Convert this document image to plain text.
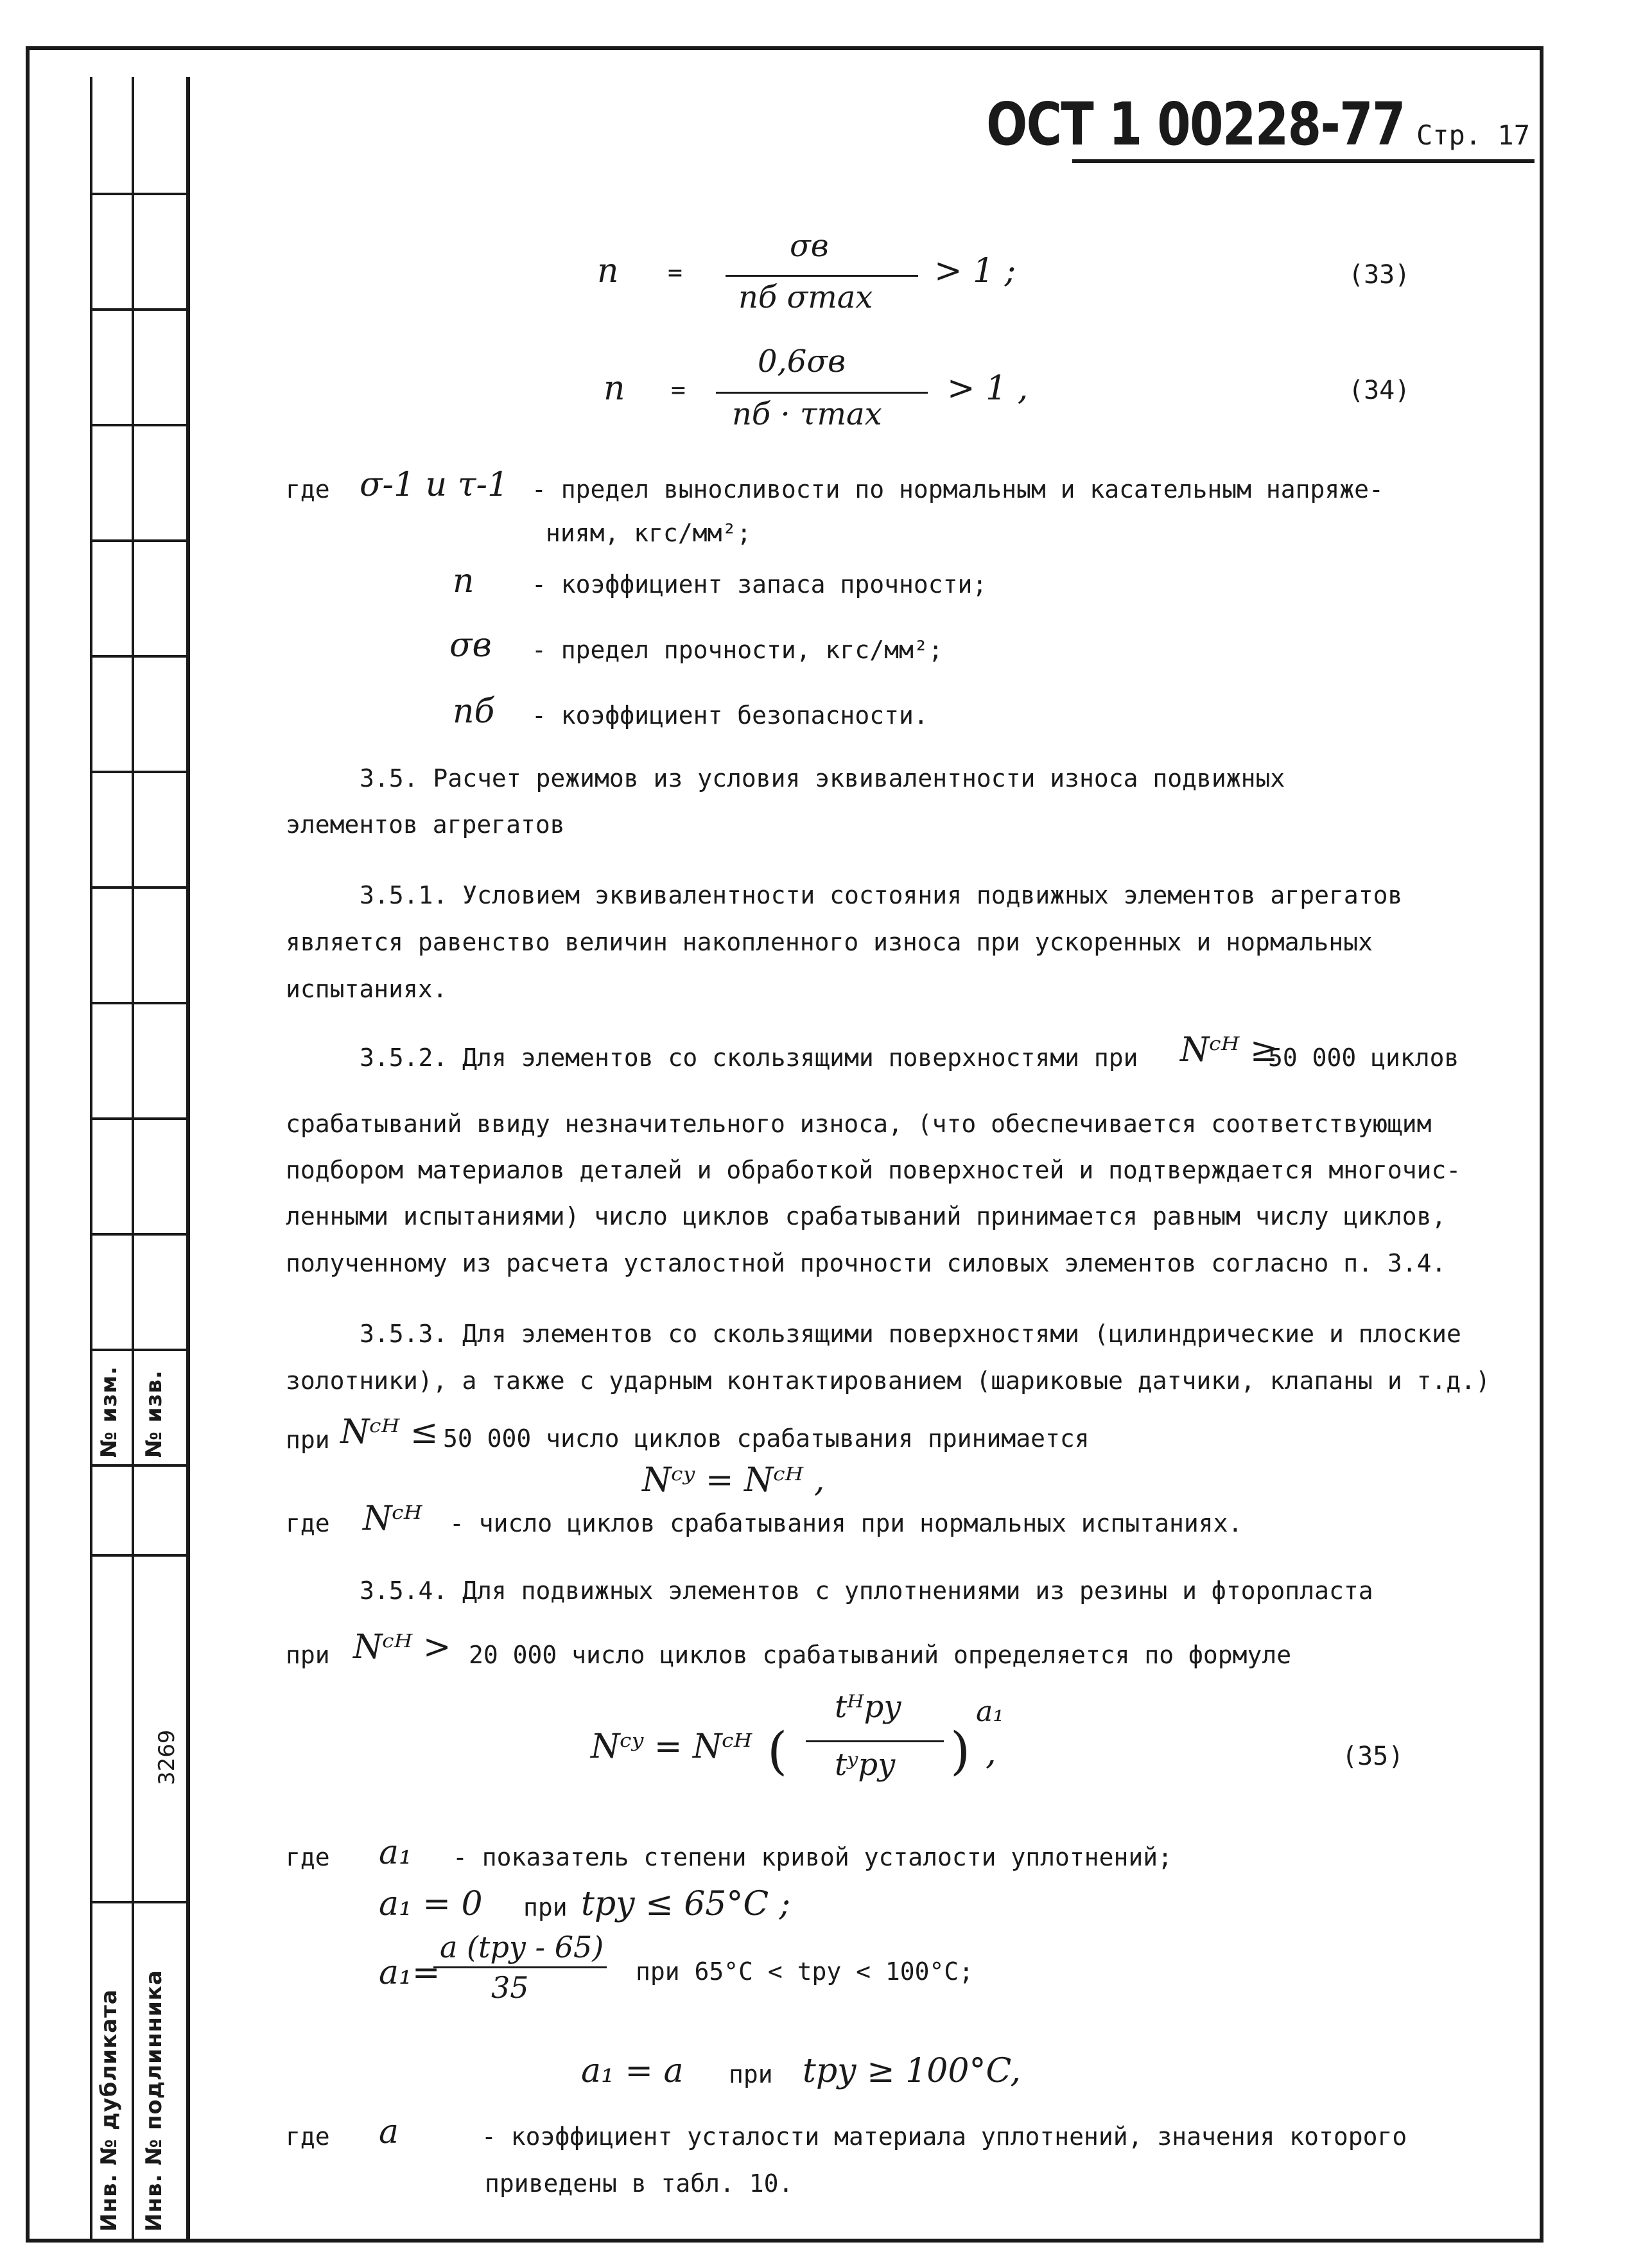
№ изм. № изв.
3269
Инв. № дубликата Инв. № подлинника
ОСТ 1 00228-77 Стр. 17
n =
σв
nб σmax
> 1 ;	(33)
n =
0,6σв
nб · τmax
> 1 ,	(34)
где σ-1 и τ-1 - предел выносливости по нормальным и касательным напряже-
ниям, кгс/мм²;
n - коэффициент запаса прочности;
σв - предел прочности, кгс/мм²;
nб - коэффициент безопасности.
3.5. Расчет режимов из условия эквивалентности износа подвижных
элементов агрегатов
3.5.1. Условием эквивалентности состояния подвижных элементов агрегатов
является равенство величин накопленного износа при ускоренных и нормальных
испытаниях.
3.5.2. Для элементов со скользящими поверхностями при Nᶜᴴ ≥
50 000 циклов
срабатываний ввиду незначительного износа, (что обеспечивается соответствующим
подбором материалов деталей и обработкой поверхностей и подтверждается многочис-
ленными испытаниями) число циклов срабатываний принимается равным числу циклов,
полученному из расчета усталостной прочности силовых элементов согласно п. 3.4.
3.5.3. Для элементов со скользящими поверхностями (цилиндрические и плоские
золотники), а также с ударным контактированием (шариковые датчики, клапаны и т.д.)
при Nᶜᴴ ≤ 50 000 число циклов срабатывания принимается
Nᶜʸ = Nᶜᴴ ,
где Nᶜᴴ - число циклов срабатывания при нормальных испытаниях.
3.5.4. Для подвижных элементов с уплотнениями из резины и фторопласта
при Nᶜᴴ > 20 000 число циклов срабатываний определяется по формуле
Nᶜʸ = Nᶜᴴ (
tᴴрy
tʸрy )
a₁
,	(35)
где a₁ - показатель степени кривой усталости уплотнений;
a₁ = 0 при tрy ≤ 65°C ;
a₁=
a (tрy - 65)
35	при 65°C < tрy < 100°C;
a₁ = a при tрy ≥ 100°C,
где a	- коэффициент усталости материала уплотнений, значения которого
приведены в табл. 10.
